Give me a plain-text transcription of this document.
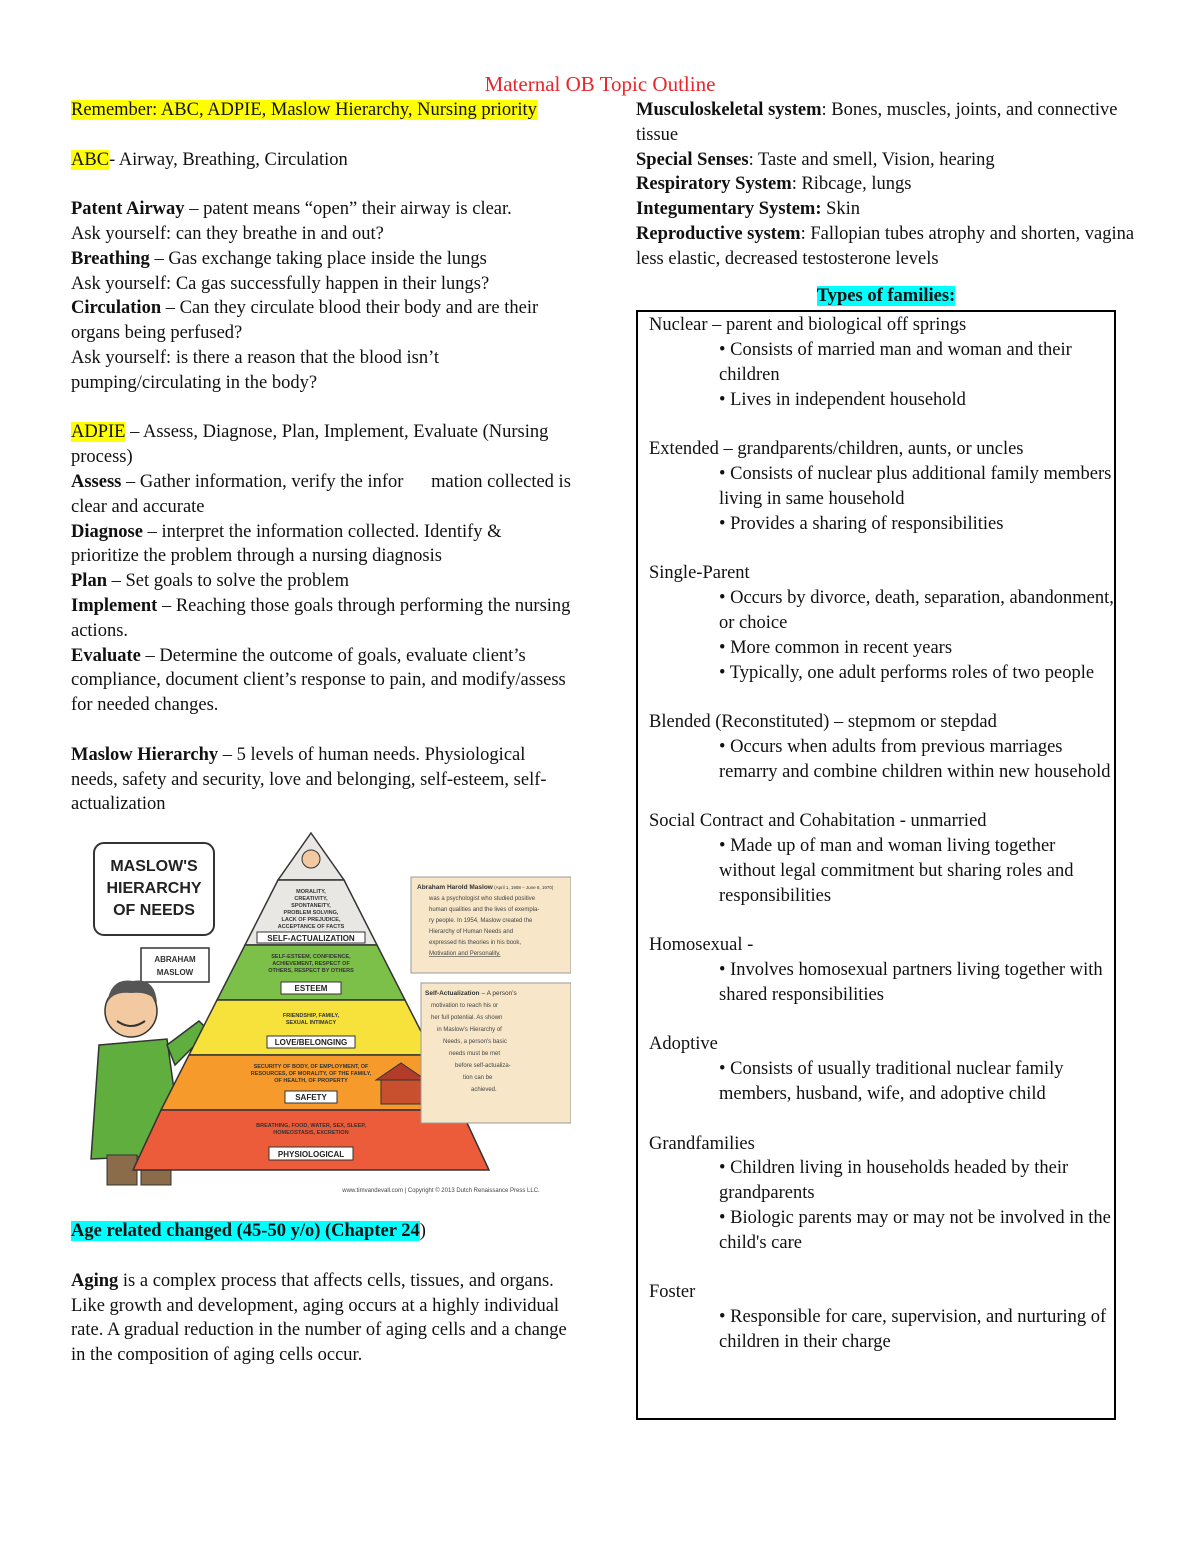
Maternal OB Topic Outline

Remember: ABC, ADPIE, Maslow Hierarchy, Nursing priority

ABC- Airway, Breathing, Circulation

Patent Airway – patent means “open” their airway is clear.

Ask yourself: can they breathe in and out?

Breathing – Gas exchange taking place inside the lungs

Ask yourself: Ca gas successfully happen in their lungs?

Circulation – Can they circulate blood their body and are their organs being perfused?

Ask yourself: is there a reason that the blood isn’t pumping/circulating in the body?

ADPIE – Assess, Diagnose, Plan, Implement, Evaluate (Nursing process)

Assess – Gather information, verify the infor      mation collected is clear and accurate

Diagnose – interpret the information collected. Identify & prioritize the problem through a nursing diagnosis

Plan – Set goals to solve the problem

Implement – Reaching those goals through performing the nursing actions.

Evaluate – Determine the outcome of goals, evaluate client’s compliance, document client’s response to pain, and modify/assess for needed changes.

Maslow Hierarchy – 5 levels of human needs. Physiological needs, safety and security, love and belonging, self-esteem, self-actualization

MASLOW'S
HIERARCHY
OF NEEDS
ABRAHAM
MASLOW
MORALITY,
CREATIVITY,
SPONTANEITY,
PROBLEM SOLVING,
LACK OF PREJUDICE,
ACCEPTANCE OF FACTS
SELF-ACTUALIZATION
SELF-ESTEEM, CONFIDENCE,
ACHIEVEMENT, RESPECT OF
OTHERS, RESPECT BY OTHERS
ESTEEM
FRIENDSHIP, FAMILY,
SEXUAL INTIMACY
LOVE/BELONGING
SECURITY OF BODY, OF EMPLOYMENT, OF
RESOURCES, OF MORALITY, OF THE FAMILY,
OF HEALTH, OF PROPERTY
SAFETY
BREATHING, FOOD, WATER, SEX, SLEEP,
HOMEOSTASIS, EXCRETION
PHYSIOLOGICAL
Abraham Harold Maslow (April 1, 1908 – June 8, 1970)
was a psychologist who studied positive
human qualities and the lives of exempla-
ry people. In 1954, Maslow created the
Hierarchy of Human Needs and
expressed his theories in his book,
Motivation and Personality.
Self-Actualization – A person's
motivation to reach his or
her full potential. As shown
in Maslow's Hierarchy of
Needs, a person's basic
needs must be met
before self-actualiza-
tion can be
achieved.
www.timvandevall.com | Copyright © 2013 Dutch Renaissance Press LLC.

Age related changed (45-50 y/o) (Chapter 24)

Aging is a complex process that affects cells, tissues, and organs. Like growth and development, aging occurs at a highly individual rate. A gradual reduction in the number of aging cells and a change in the composition of aging cells occur.

Musculoskeletal system: Bones, muscles, joints, and connective tissue

Special Senses: Taste and smell, Vision, hearing

Respiratory System: Ribcage, lungs

Integumentary System: Skin

Reproductive system: Fallopian tubes atrophy and shorten, vagina less elastic, decreased testosterone levels

Types of families:

Nuclear – parent and biological off springs

• Consists of married man and woman and their children

• Lives in independent household

Extended – grandparents/children, aunts, or uncles

• Consists of nuclear plus additional family members living in same household

• Provides a sharing of responsibilities

Single-Parent

• Occurs by divorce, death, separation, abandonment, or choice

• More common in recent years

• Typically, one adult performs roles of two people

Blended (Reconstituted) – stepmom or stepdad

• Occurs when adults from previous marriages remarry and combine children within new household

Social Contract and Cohabitation - unmarried

• Made up of man and woman living together without legal commitment but sharing roles and responsibilities

Homosexual -

• Involves homosexual partners living together with shared responsibilities

Adoptive

• Consists of usually traditional nuclear family members, husband, wife, and adoptive child

Grandfamilies

• Children living in households headed by their grandparents

• Biologic parents may or may not be involved in the child's care

Foster

• Responsible for care, supervision, and nurturing of children in their charge
